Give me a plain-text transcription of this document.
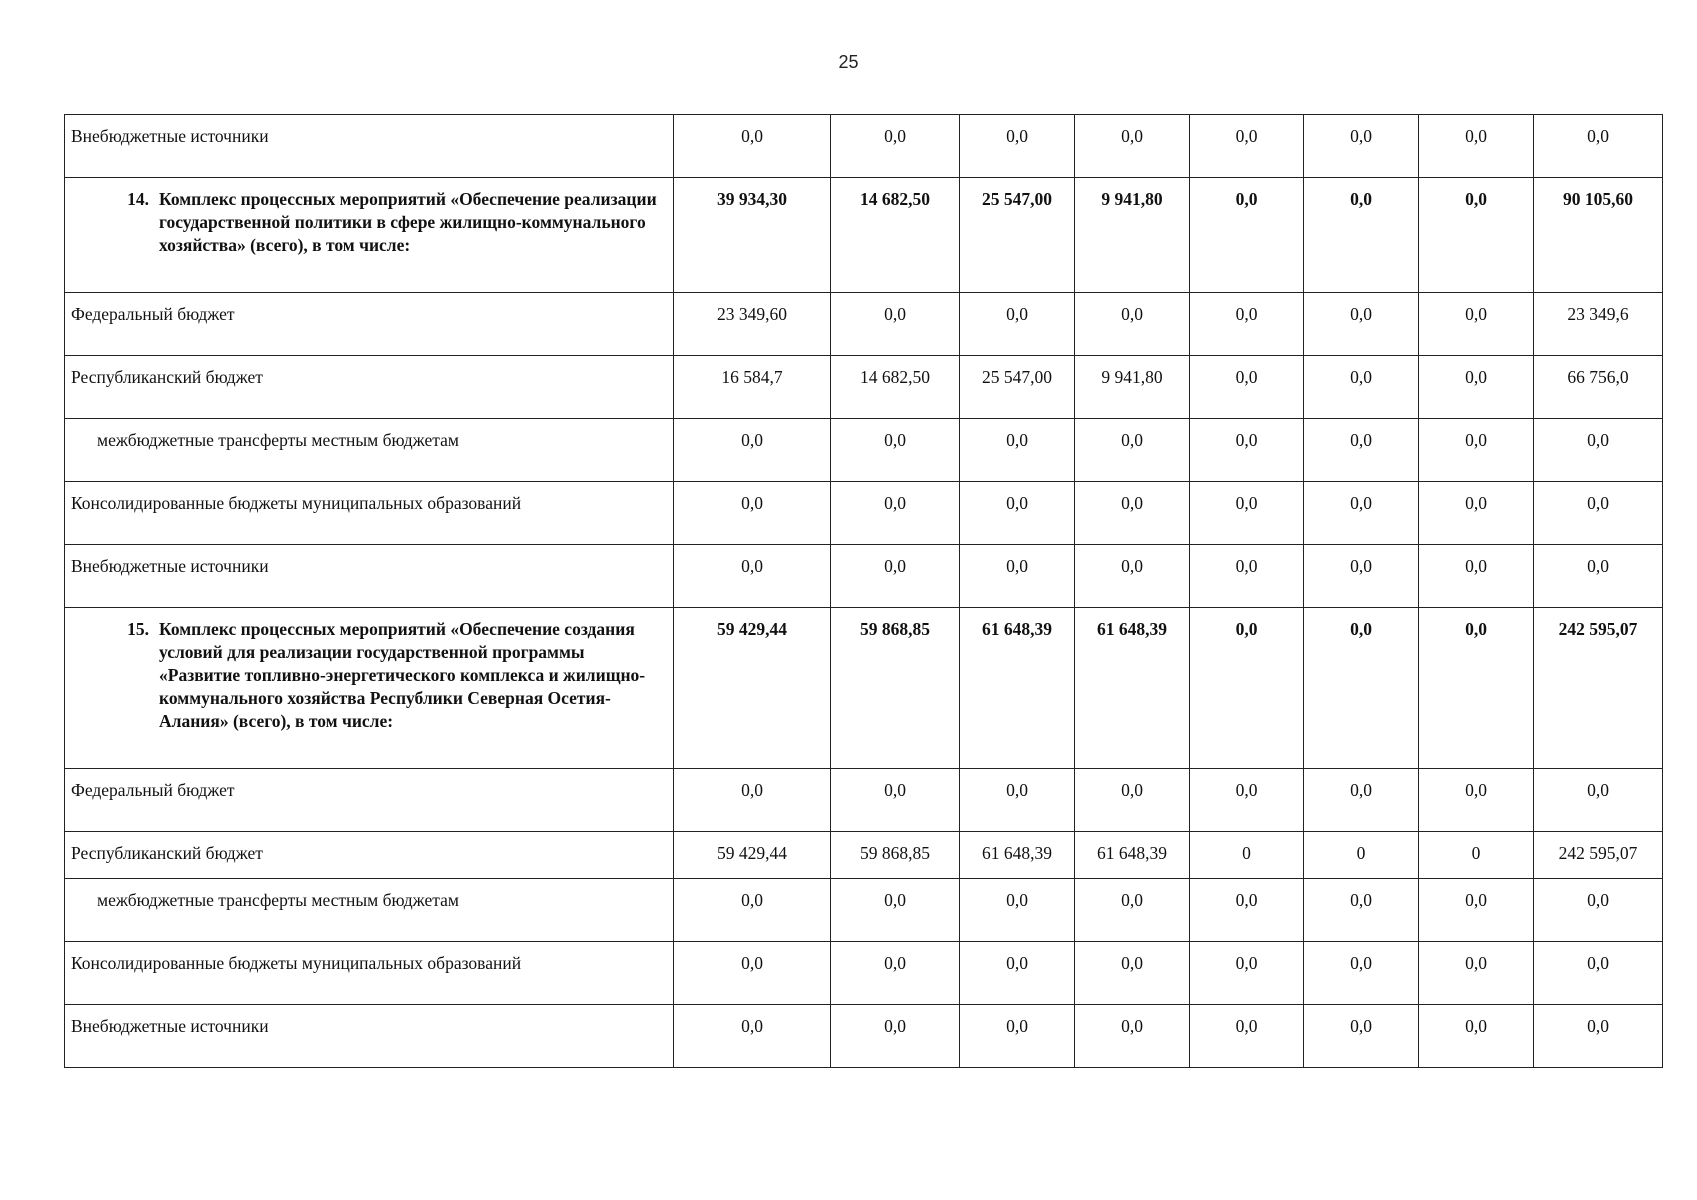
25
Внебюджетные источники	0,0	0,0	0,0	0,0	0,0	0,0	0,0	0,0

14. Комплекс процессных мероприятий «Обеспечение реализации государственной политики в сфере жилищно-коммунального хозяйства» (всего), в том числе:	39 934,30	14 682,50	25 547,00	9 941,80	0,0	0,0	0,0	90 105,60
Федеральный бюджет	23 349,60	0,0	0,0	0,0	0,0	0,0	0,0	23 349,6
Республиканский бюджет	16 584,7	14 682,50	25 547,00	9 941,80	0,0	0,0	0,0	66 756,0
межбюджетные трансферты местным бюджетам	0,0	0,0	0,0	0,0	0,0	0,0	0,0	0,0
Консолидированные бюджеты муниципальных образований	0,0	0,0	0,0	0,0	0,0	0,0	0,0	0,0
Внебюджетные источники	0,0	0,0	0,0	0,0	0,0	0,0	0,0	0,0

15. Комплекс процессных мероприятий «Обеспечение создания условий для реализации государственной программы «Развитие топливно-энергетического комплекса и жилищно-коммунального хозяйства Республики Северная Осетия-Алания» (всего), в том числе:	59 429,44	59 868,85	61 648,39	61 648,39	0,0	0,0	0,0	242 595,07
Федеральный бюджет	0,0	0,0	0,0	0,0	0,0	0,0	0,0	0,0
Республиканский бюджет	59 429,44	59 868,85	61 648,39	61 648,39	0	0	0	242 595,07
межбюджетные трансферты местным бюджетам	0,0	0,0	0,0	0,0	0,0	0,0	0,0	0,0
Консолидированные бюджеты муниципальных образований	0,0	0,0	0,0	0,0	0,0	0,0	0,0	0,0
Внебюджетные источники	0,0	0,0	0,0	0,0	0,0	0,0	0,0	0,0
